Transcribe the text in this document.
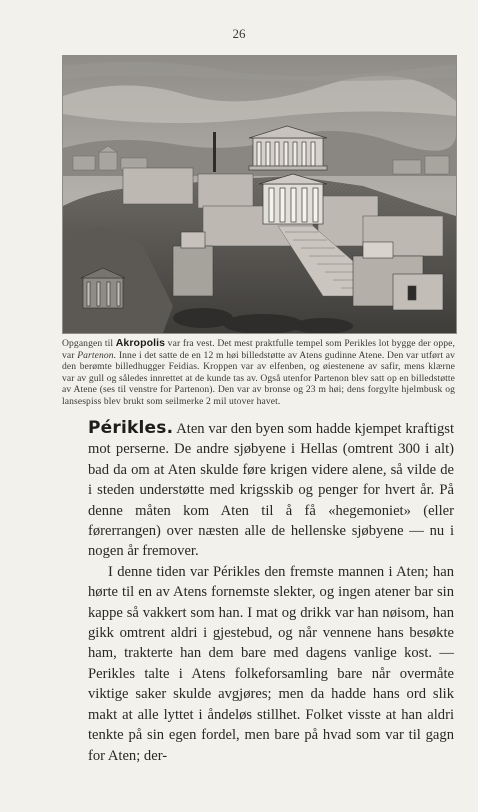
26
Opgangen til Akropolis var fra vest. Det mest praktfulle tempel som Perikles lot bygge der oppe, var Partenon. Inne i det satte de en 12 m høi billedstøtte av Atens gudinne Atene. Den var utført av den berømte billedhugger Feidias. Kroppen var av elfenben, og øiestenene av safir, mens klærne var av gull og således innrettet at de kunde tas av. Også utenfor Partenon blev satt op en billedstøtte av Atene (ses til venstre for Partenon). Den var av bronse og 23 m høi; dens forgylte hjelmbusk og lansespiss blev brukt som seilmerke 2 mil utover havet.

Périkles. Aten var den byen som hadde kjempet kraftigst mot perserne. De andre sjøbyene i Hellas (omtrent 300 i alt) bad da om at Aten skulde føre krigen videre alene, så vilde de i steden understøtte med krigsskib og penger for hvert år. På denne måten kom Aten til å få «hegemoniet» (eller førerrangen) over næsten alle de hellenske sjøbyene — nu i nogen år fremover.

I denne tiden var Périkles den fremste mannen i Aten; han hørte til en av Atens fornemste slekter, og ingen atener bar sin kappe så vakkert som han. I mat og drikk var han nøisom, han gikk omtrent aldri i gjestebud, og når vennene hans besøkte ham, trakterte han dem bare med dagens vanlige kost. — Perikles talte i Atens folkeforsamling bare når overmåte viktige saker skulde avgjøres; men da hadde hans ord slik makt at alle lyttet i åndeløs stillhet. Folket visste at han aldri tenkte på sin egen fordel, men bare på hvad som var til gagn for Aten; der-
